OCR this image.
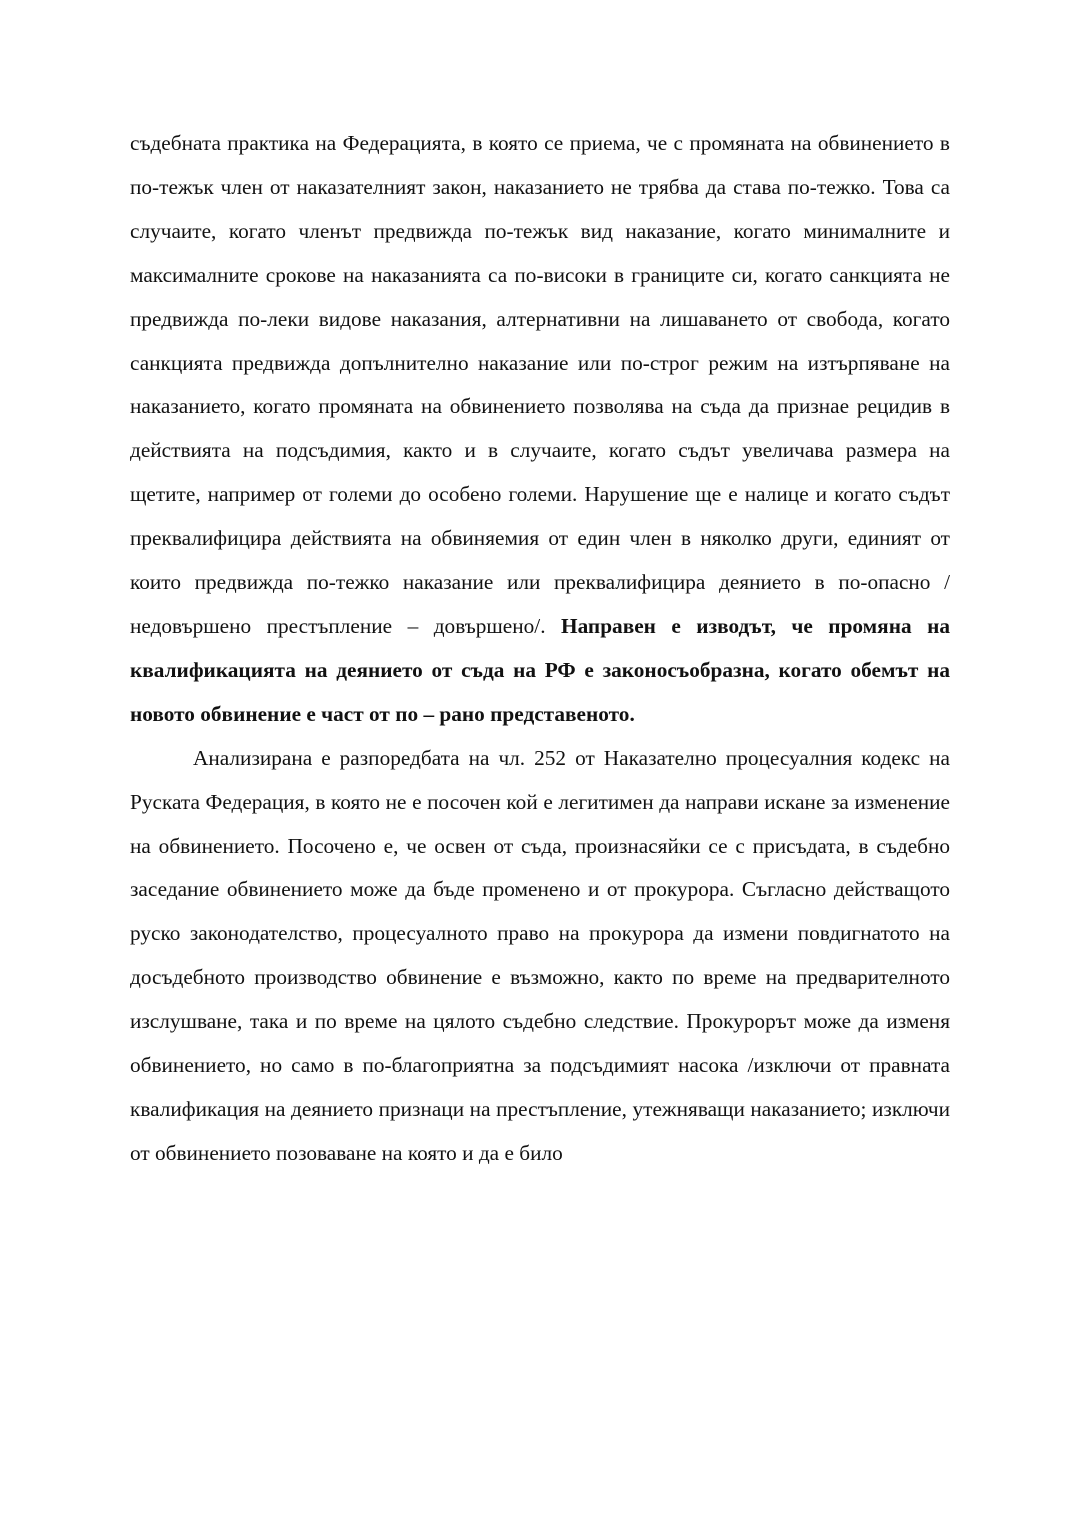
съдебната практика на Федерацията, в която се приема, че с промяната на обвинението в по-тежък член от наказателният закон, наказанието не трябва да става по-тежко. Това са случаите, когато членът предвижда по-тежък вид наказание, когато минималните и максималните срокове на наказанията са по-високи в границите си, когато санкцията не предвижда по-леки видове наказания, алтернативни на лишаването от свобода, когато санкцията предвижда допълнително наказание или по-строг режим на изтърпяване на наказанието, когато промяната на обвинението позволява на съда да признае рецидив в действията на подсъдимия, както и в случаите, когато съдът увеличава размера на щетите, например от големи до особено големи. Нарушение ще е налице и когато съдът преквалифицира действията на обвиняемия от един член в няколко други, единият от които предвижда по-тежко наказание или преквалифицира деянието в по-опасно /недовършено престъпление – довършено/. Направен е изводът, че промяна на квалификацията на деянието от съда на РФ е законосъобразна, когато обемът на новото обвинение е част от по – рано представеното.

Анализирана е разпоредбата на чл. 252 от Наказателно процесуалния кодекс на Руската Федерация, в която не е посочен кой е легитимен да направи искане за изменение на обвинението. Посочено е, че освен от съда, произнасяйки се с присъдата, в съдебно заседание обвинението може да бъде променено и от прокурора. Съгласно действащото руско законодателство, процесуалното право на прокурора да измени повдигнатото на досъдебното производство обвинение е възможно, както по време на предварителното изслушване, така и по време на цялото съдебно следствие. Прокурорът може да изменя обвинението, но само в по-благоприятна за подсъдимият насока /изключи от правната квалификация на деянието признаци на престъпление, утежняващи наказанието; изключи от обвинението позоваване на която и да е било
